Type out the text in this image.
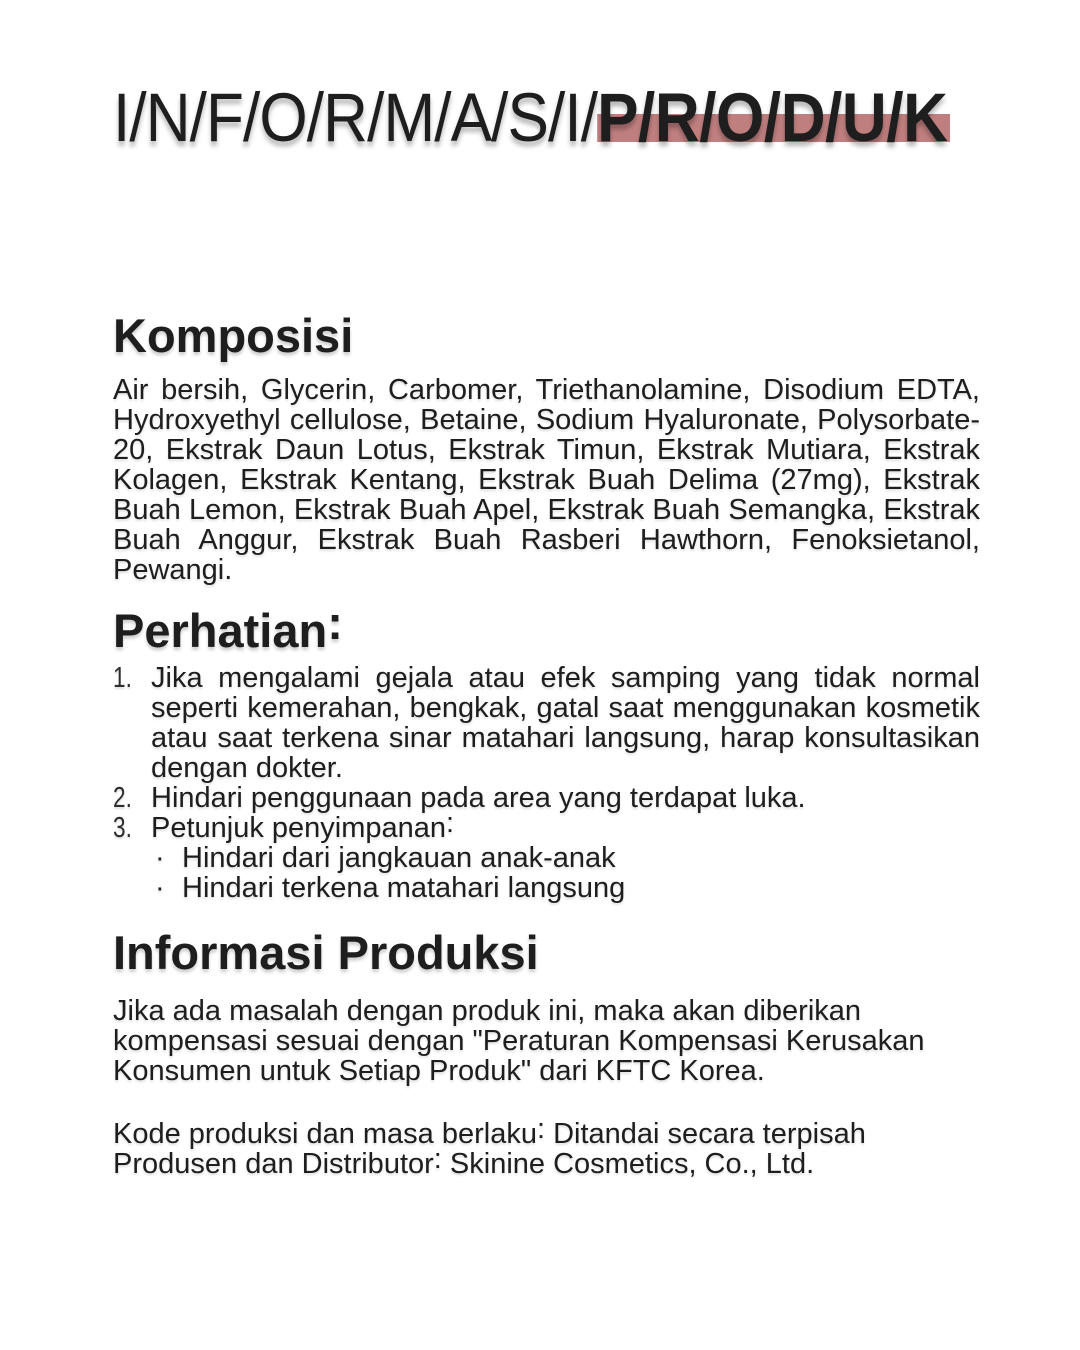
I/N/F/O/R/M/A/S/I/P/R/O/D/U/K
Komposisi

Air bersih, Glycerin, Carbomer, Triethanolamine, Disodium EDTA, Hydroxyethyl cellulose, Betaine, Sodium Hyaluronate, Polysorbate-20, Ekstrak Daun Lotus, Ekstrak Timun, Ekstrak Mutiara, Ekstrak Kolagen, Ekstrak Kentang, Ekstrak Buah Delima (27mg), Ekstrak Buah Lemon, Ekstrak Buah Apel, Ekstrak Buah Semangka, Ekstrak Buah Anggur, Ekstrak Buah Rasberi Hawthorn, Fenoksietanol, Pewangi.

Perhatian:
1. Jika mengalami gejala atau efek samping yang tidak normal seperti kemerahan, bengkak, gatal saat menggunakan kosmetik atau saat terkena sinar matahari langsung, harap konsultasikan dengan dokter.
2. Hindari penggunaan pada area yang terdapat luka.
3. Petunjuk penyimpanan:
· Hindari dari jangkauan anak-anak
· Hindari terkena matahari langsung
Informasi Produksi

Jika ada masalah dengan produk ini, maka akan diberikan kompensasi sesuai dengan "Peraturan Kompensasi Kerusakan Konsumen untuk Setiap Produk" dari KFTC Korea.

Kode produksi dan masa berlaku: Ditandai secara terpisah
Produsen dan Distributor: Skinine Cosmetics, Co., Ltd.
